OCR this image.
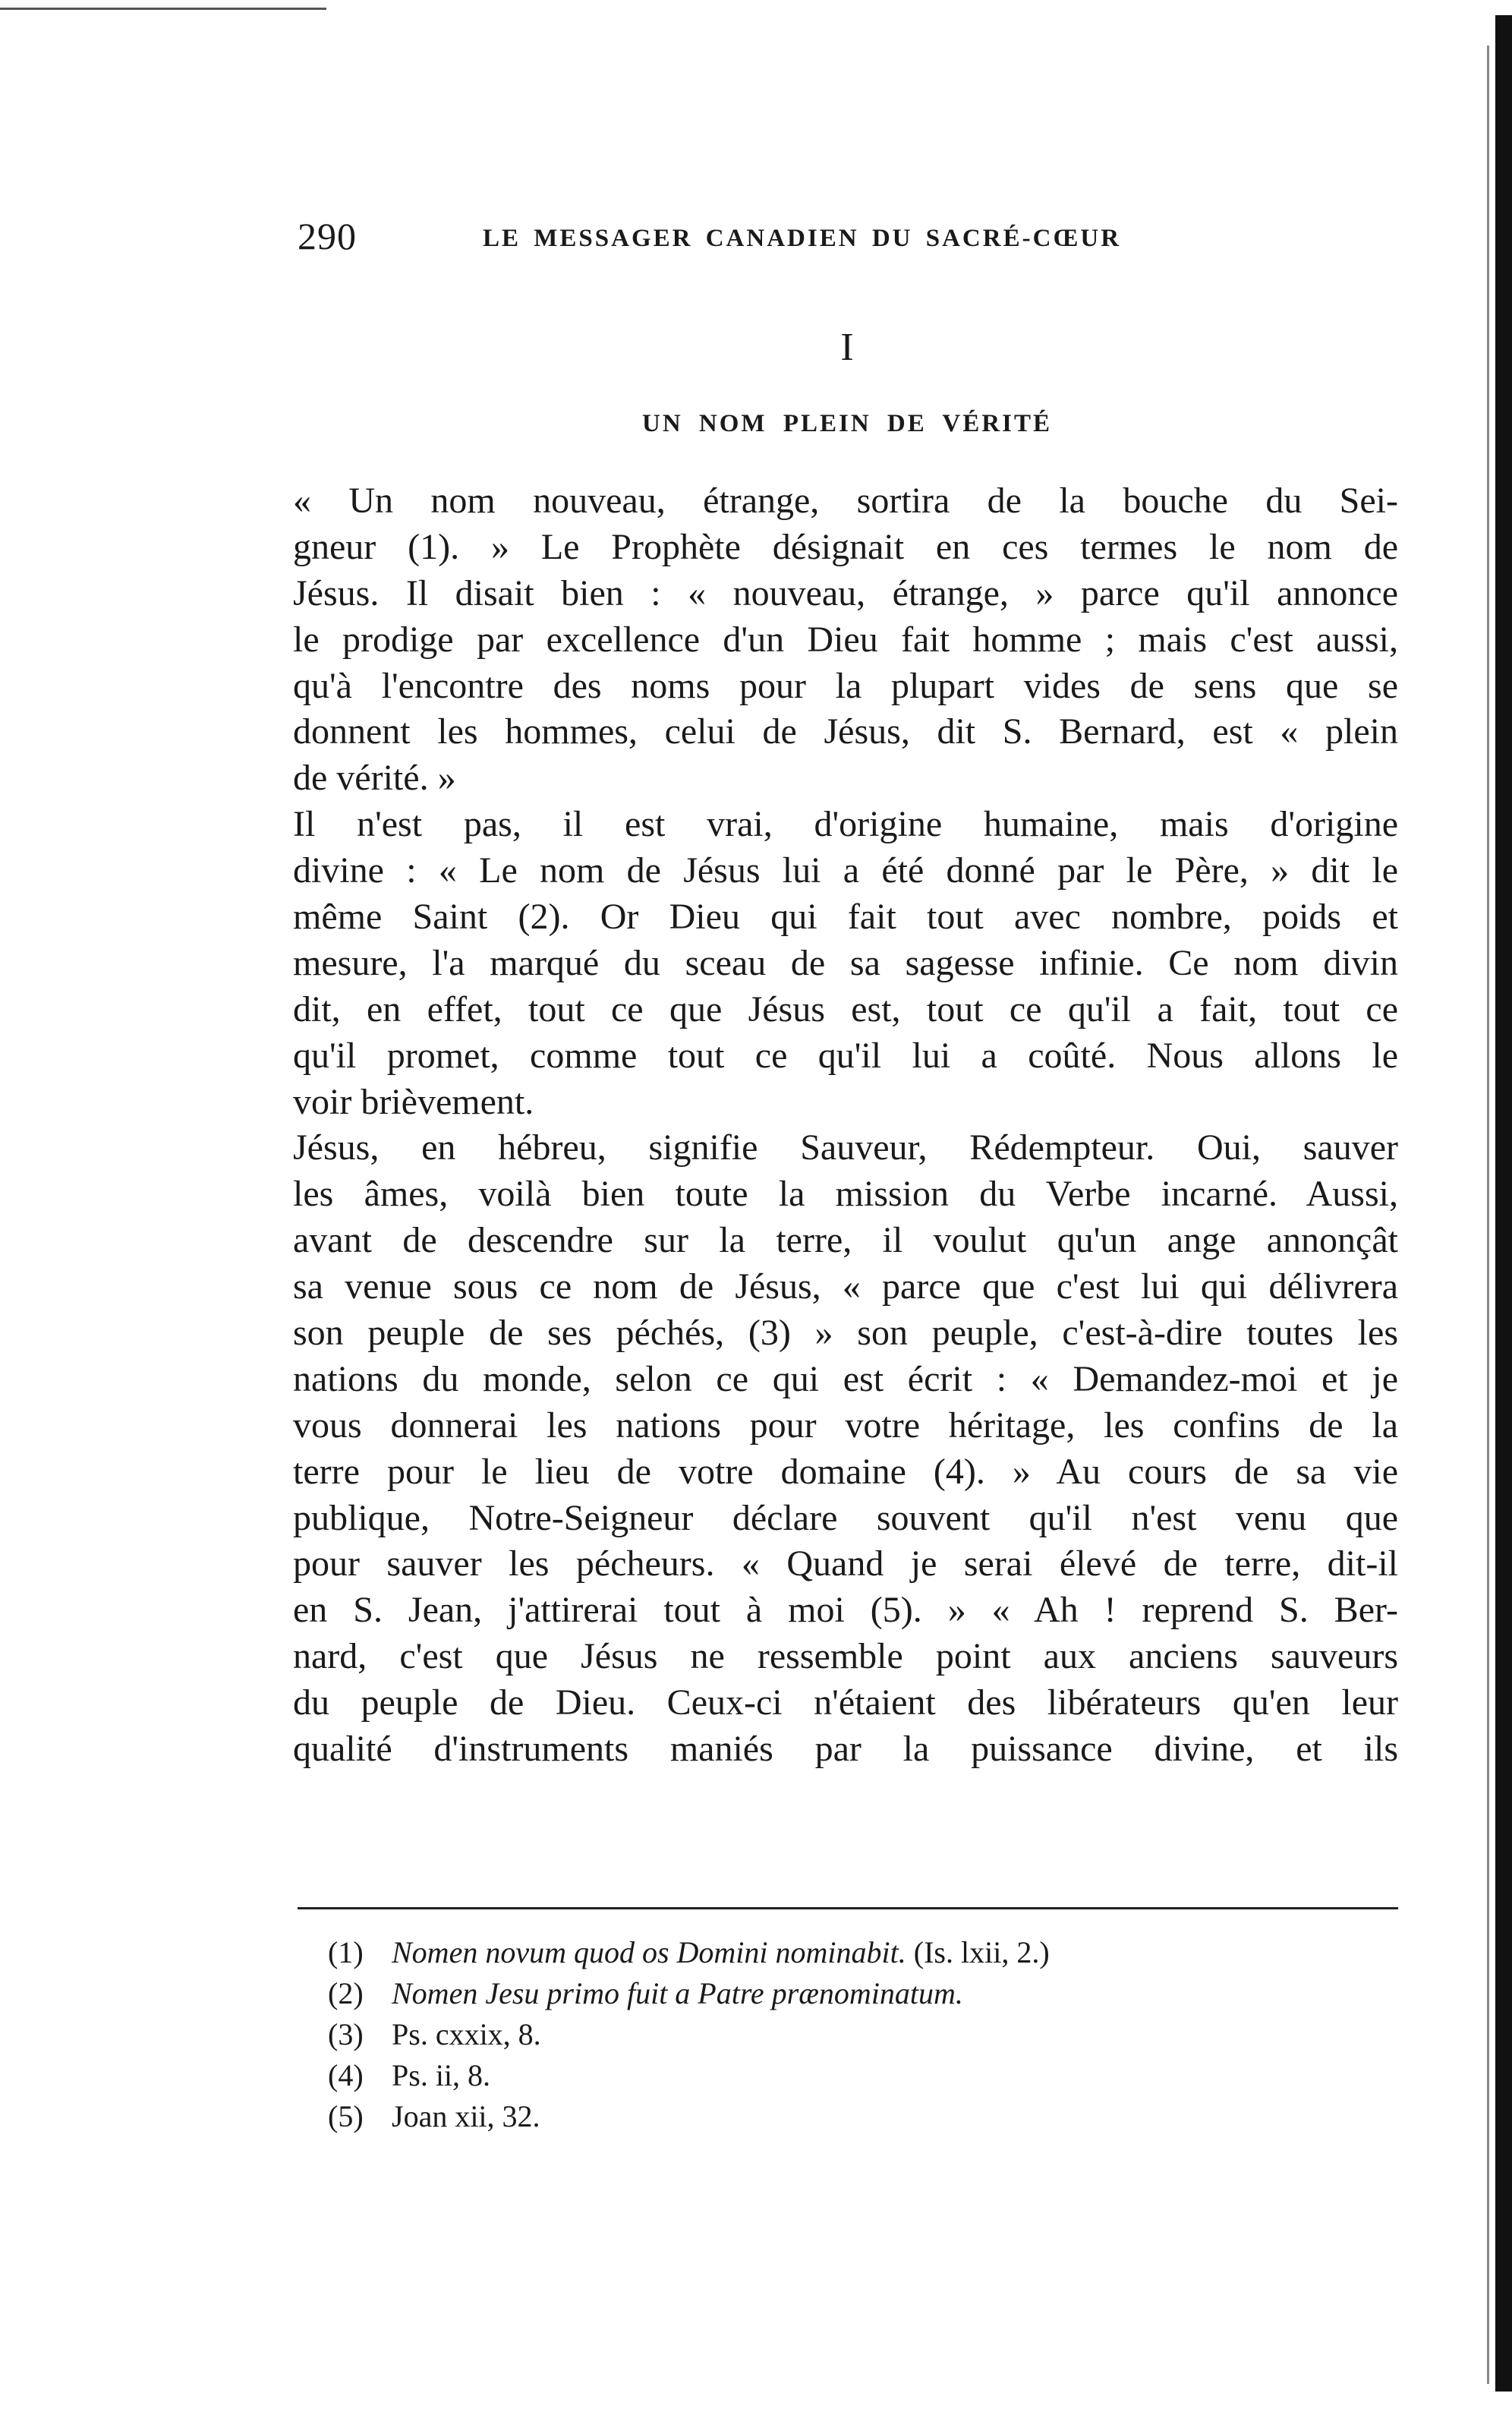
290	LE MESSAGER CANADIEN DU SACRÉ-CŒUR
I
UN NOM PLEIN DE VÉRITÉ
« Un nom nouveau, étrange, sortira de la bouche du Sei-
gneur (1). » Le Prophète désignait en ces termes le nom de
Jésus. Il disait bien : « nouveau, étrange, » parce qu'il annonce
le prodige par excellence d'un Dieu fait homme ; mais c'est aussi,
qu'à l'encontre des noms pour la plupart vides de sens que se
donnent les hommes, celui de Jésus, dit S. Bernard, est « plein
de vérité. »
Il n'est pas, il est vrai, d'origine humaine, mais d'origine
divine : « Le nom de Jésus lui a été donné par le Père, » dit le
même Saint (2). Or Dieu qui fait tout avec nombre, poids et
mesure, l'a marqué du sceau de sa sagesse infinie. Ce nom divin
dit, en effet, tout ce que Jésus est, tout ce qu'il a fait, tout ce
qu'il promet, comme tout ce qu'il lui a coûté. Nous allons le
voir brièvement.
Jésus, en hébreu, signifie Sauveur, Rédempteur. Oui, sauver
les âmes, voilà bien toute la mission du Verbe incarné. Aussi,
avant de descendre sur la terre, il voulut qu'un ange annonçât
sa venue sous ce nom de Jésus, « parce que c'est lui qui délivrera
son peuple de ses péchés, (3) » son peuple, c'est-à-dire toutes les
nations du monde, selon ce qui est écrit : « Demandez-moi et je
vous donnerai les nations pour votre héritage, les confins de la
terre pour le lieu de votre domaine (4). » Au cours de sa vie
publique, Notre-Seigneur déclare souvent qu'il n'est venu que
pour sauver les pécheurs. « Quand je serai élevé de terre, dit-il
en S. Jean, j'attirerai tout à moi (5). » « Ah ! reprend S. Ber-
nard, c'est que Jésus ne ressemble point aux anciens sauveurs
du peuple de Dieu. Ceux-ci n'étaient des libérateurs qu'en leur
qualité d'instruments maniés par la puissance divine, et ils
(1) Nomen novum quod os Domini nominabit. (Is. lxii, 2.)
(2) Nomen Jesu primo fuit a Patre prænominatum.
(3) Ps. cxxix, 8.
(4) Ps. ii, 8.
(5) Joan xii, 32.
